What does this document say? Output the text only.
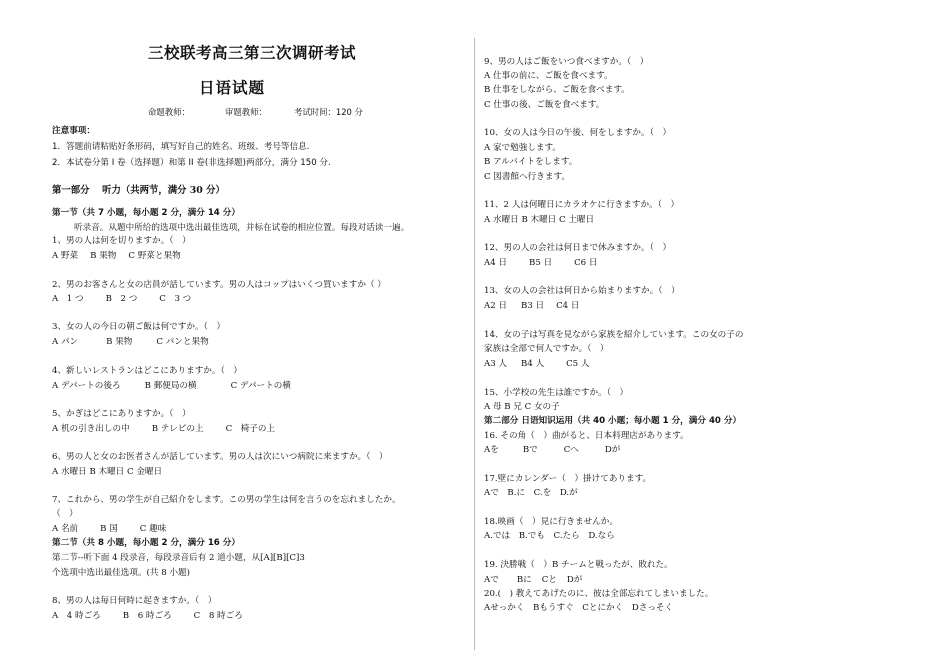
三校联考高三第三次调研考试
日语试题
命题教师：	审题教师：	考试时间：120 分
注意事项：
1．答题前请粘贴好条形码，填写好自己的姓名、班级、考号等信息.
2．本试卷分第 I 卷（选择题）和第 II 卷(非选择题)两部分，满分 150 分.
第一部分　 听力（共两节，满分 30 分）
第一节（共 7 小题，每小题 2 分，满分 14 分）
听录音。从题中所给的选项中选出最佳选项，并标在试卷的相应位置。每段对话读一遍。
1、男の人は何を切りますか。（　）
A 野菜 B 果物 C 野菜と果物
2、男のお客さんと女の店員が話しています。男の人はコップはいくつ買いますか（ ）
A　1 つ	B　2 つ	C　3 つ
3、女の人の今日の朝ご飯は何ですか。（　）
A パン	B 果物	C パンと果物
4、新しいレストランはどこにありますか。（　）
A デパートの後ろ	B 郵便局の横	C デパートの横
5、かぎはどこにありますか。（　）
A 机の引き出しの中	B テレビの上	C　椅子の上
6、男の人と女のお医者さんが話しています。男の人は次にいつ病院に来ますか。（　）
A 水曜日 B 木曜日 C 金曜日
7、これから、男の学生が自己紹介をします。この男の学生は何を言うのを忘れましたか。
（　）
A 名前	B 国	C 趣味
第二节（共 8 小题，每小题 2 分，满分 16 分）
第二节--听下面 4 段录音，每段录音后有 2 道小题，从[A][B][C]3
个选项中选出最佳选项。(共 8 小题)
8、男の人は毎日何時に起きますか。（　）
A　4 時ごろ	B　6 時ごろ	C　8 時ごろ
9、男の人はご飯をいつ食べますか。（　）
A 仕事の前に、ご飯を食べます。
B 仕事をしながら、ご飯を食べます。
C 仕事の後、ご飯を食べます。
10、女の人は今日の午後、何をしますか。（　）
A 家で勉強します。
B アルバイトをします。
C 図書館へ行きます。
11、2 人は何曜日にカラオケに行きますか。（　）
A 水曜日 B 木曜日 C 土曜日
12、男の人の会社は何日まで休みますか。（　）
A4 日	B5 日	C6 日
13、女の人の会社は何日から始まりますか。（　）
A2 日 B3 日 C4 日
14、女の子は写真を見ながら家族を紹介しています。この女の子の
家族は全部で何人ですか。（　）
A3 人 B4 人	C5 人
15、小学校の先生は誰ですか。（　）
A 母 B 兄 C 女の子
第二部分 日语知识运用（共 40 小题；每小题 1 分，满分 40 分）
16. その角（　）曲がると、日本料理店があります。
Aを	Bで	Cへ	Dが
17.壁にカレンダー（　）掛けてあります。
Aで　B.に　C.を　D.が
18.映画（　）見に行きませんか。
A.では　B.でも　C.たら　D.なら
19. 決勝戦（　）B チームと戦ったが、敗れた。
Aで Bに Cと Dが
20.(　) 教えてあげたのに、彼は全部忘れてしまいました。
Aせっかく　Bもうすぐ　Cとにかく　Dさっそく
